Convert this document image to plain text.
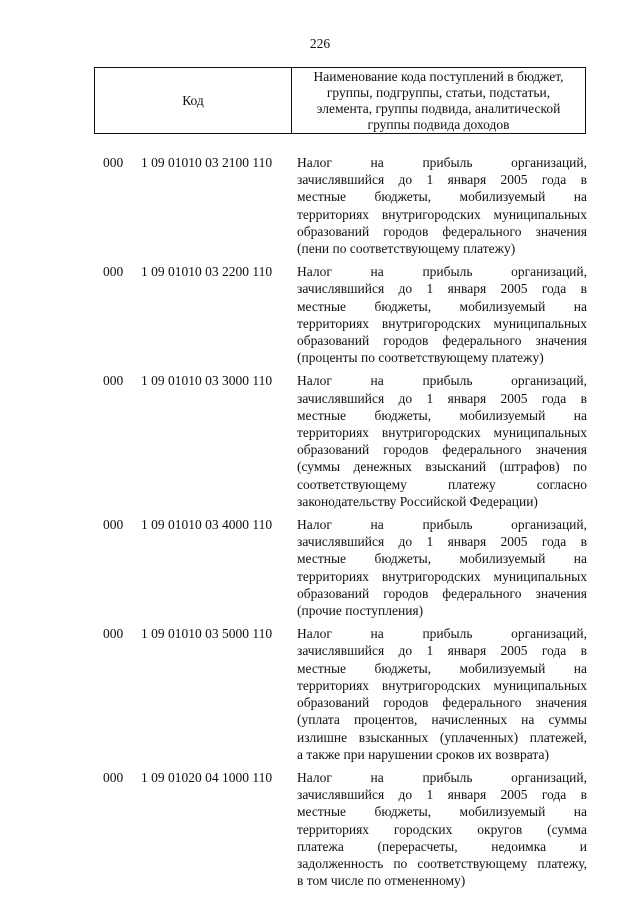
226
Код
Наименование кода поступлений в бюджет, группы, подгруппы, статьи, подстатьи, элемента, группы подвида, аналитической группы подвида доходов
000 1 09 01010 03 2100 110 Налог на прибыль организаций,
зачислявшийся до 1 января 2005 года в
местные бюджеты, мобилизуемый на
территориях внутригородских муниципальных
образований городов федерального значения
(пени по соответствующему платежу)
000 1 09 01010 03 2200 110 Налог на прибыль организаций,
зачислявшийся до 1 января 2005 года в
местные бюджеты, мобилизуемый на
территориях внутригородских муниципальных
образований городов федерального значения
(проценты по соответствующему платежу)
000 1 09 01010 03 3000 110 Налог на прибыль организаций,
зачислявшийся до 1 января 2005 года в
местные бюджеты, мобилизуемый на
территориях внутригородских муниципальных
образований городов федерального значения
(суммы денежных взысканий (штрафов) по
соответствующему платежу согласно
законодательству Российской Федерации)
000 1 09 01010 03 4000 110 Налог на прибыль организаций,
зачислявшийся до 1 января 2005 года в
местные бюджеты, мобилизуемый на
территориях внутригородских муниципальных
образований городов федерального значения
(прочие поступления)
000 1 09 01010 03 5000 110 Налог на прибыль организаций,
зачислявшийся до 1 января 2005 года в
местные бюджеты, мобилизуемый на
территориях внутригородских муниципальных
образований городов федерального значения
(уплата процентов, начисленных на суммы
излишне взысканных (уплаченных) платежей,
а также при нарушении сроков их возврата)
000 1 09 01020 04 1000 110 Налог на прибыль организаций,
зачислявшийся до 1 января 2005 года в
местные бюджеты, мобилизуемый на
территориях городских округов (сумма
платежа (перерасчеты, недоимка и
задолженность по соответствующему платежу,
в том числе по отмененному)
